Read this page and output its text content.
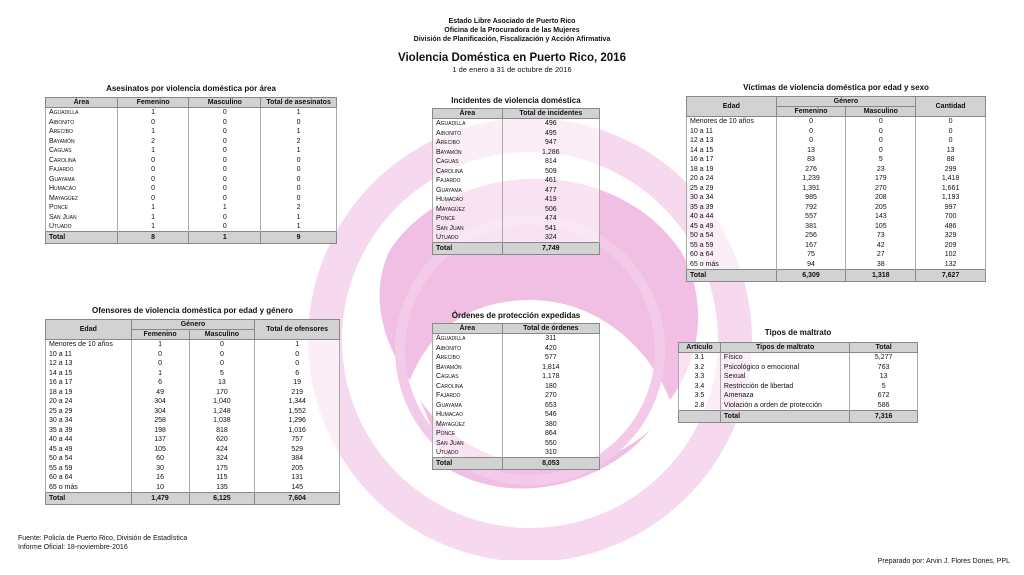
Estado Libre Asociado de Puerto Rico
Oficina de la Procuradora de las Mujeres
División de Planificación, Fiscalización y Acción Afirmativa
Violencia Doméstica en Puerto Rico, 2016
1 de enero a 31 de octubre de 2016
Asesinatos por violencia doméstica por área
Área	Femenino	Masculino	Total de asesinatos
Aguadilla	1	0	1
Aibonito	0	0	0
Arecibo	1	0	1
Bayamón	2	0	2
Caguas	1	0	1
Carolina	0	0	0
Fajardo	0	0	0
Guayama	0	0	0
Humacao	0	0	0
Mayagüez	0	0	0
Ponce	1	1	2
San Juan	1	0	1
Utuado	1	0	1
Total	8	1	9
Incidentes de violencia doméstica
Área	Total de incidentes
Aguadilla	496
Aibonito	495
Arecibo	947
Bayamón	1,286
Caguas	814
Carolina	509
Fajardo	461
Guayama	477
Humacao	419
Mayagüez	506
Ponce	474
San Juan	541
Utuado	324
Total	7,749
Víctimas de violencia doméstica por edad y sexo
Edad	Género		Cantidad
	Femenino	Masculino	
Menores de 10 años	0	0	0
10 a 11	0	0	0
12 a 13	0	0	0
14 a 15	13	0	13
16 a 17	83	5	88
18 a 19	276	23	299
20 a 24	1,239	179	1,418
25 a 29	1,391	270	1,661
30 a 34	985	208	1,193
35 a 39	792	205	997
40 a 44	557	143	700
45 a 49	381	105	486
50 a 54	256	73	329
55 a 59	167	42	209
60 a 64	75	27	102
65 o más	94	38	132
Total	6,309	1,318	7,627
Ofensores de violencia doméstica por edad y género
Edad	Género		Total de ofensores
	Femenino	Masculino	
Menores de 10 años	1	0	1
10 a 11	0	0	0
12 a 13	0	0	0
14 a 15	1	5	6
16 a 17	6	13	19
18 a 19	49	170	219
20 a 24	304	1,040	1,344
25 a 29	304	1,248	1,552
30 a 34	258	1,038	1,296
35 a 39	198	818	1,016
40 a 44	137	620	757
45 a 49	105	424	529
50 a 54	60	324	384
55 a 59	30	175	205
60 a 64	16	115	131
65 o más	10	135	145
Total	1,479	6,125	7,604
Órdenes de protección expedidas
Área	Total de órdenes
Aguadilla	311
Aibonito	420
Arecibo	577
Bayamón	1,814
Caguas	1,178
Carolina	180
Fajardo	270
Guayama	653
Humacao	546
Mayagüez	380
Ponce	864
San Juan	550
Utuado	310
Total	8,053
Tipos de maltrato
Artículo	Tipos de maltrato	Total
3.1	Físico	5,277
3.2	Psicológico o emocional	763
3.3	Sexual	13
3.4	Restricción de libertad	5
3.5	Amenaza	672
2.8	Violación a orden de protección	586
	Total	7,316
Fuente: Policía de Puerto Rico, División de Estadística
Informe Oficial: 18-noviembre-2016
Preparado por: Arvin J. Flores Dones, PPL
